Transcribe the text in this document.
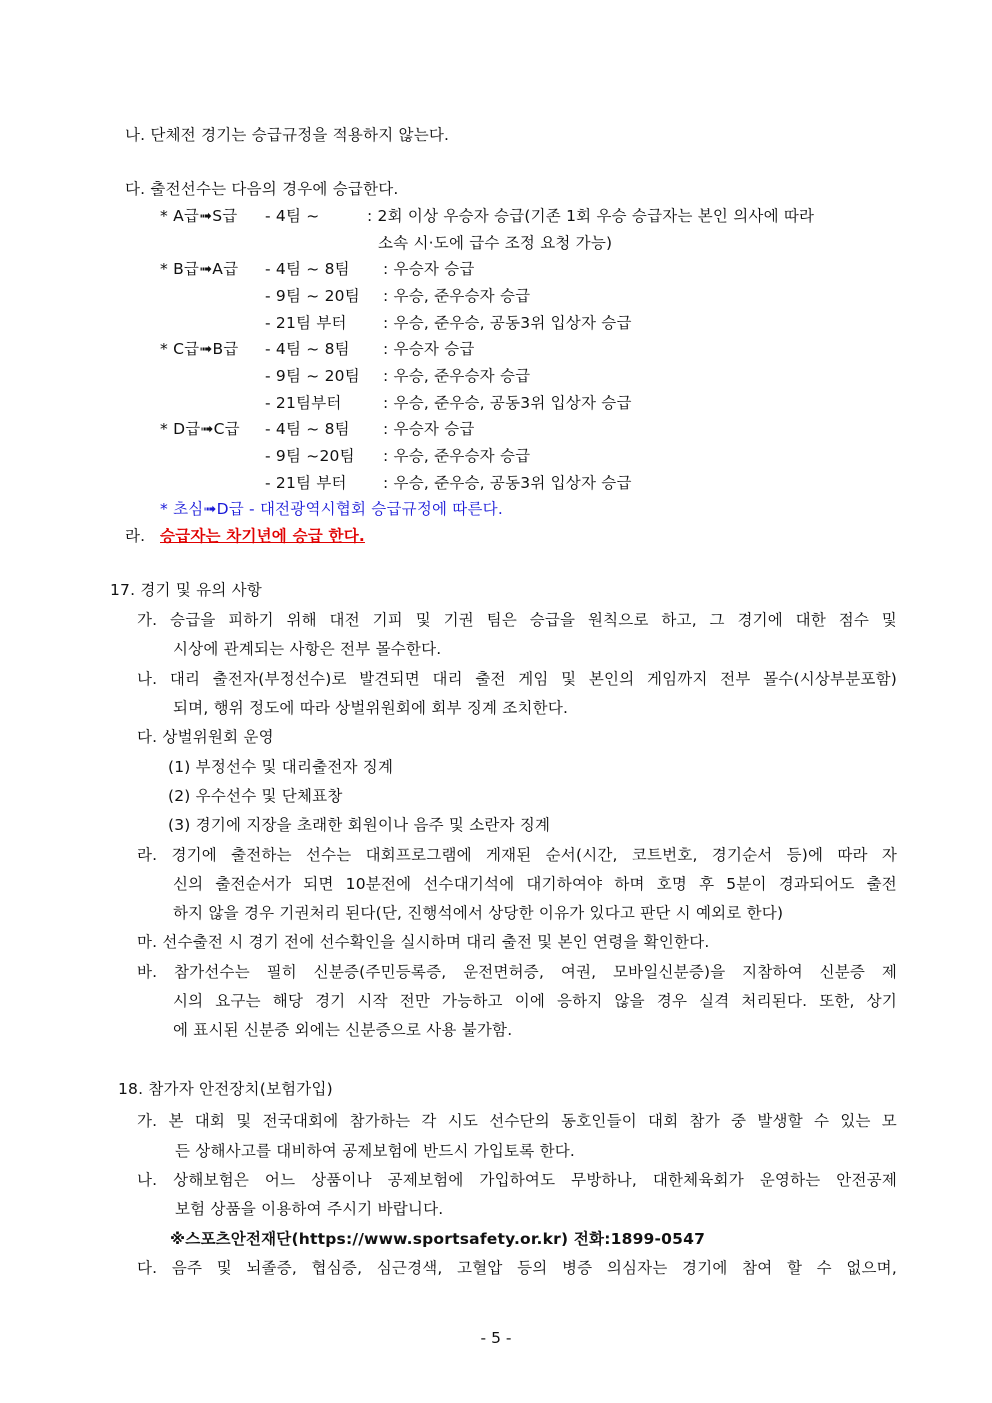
나. 단체전 경기는 승급규정을 적용하지 않는다.
다. 출전선수는 다음의 경우에 승급한다.
* A급➟S급 - 4팀 ~	: 2회 이상 우승자 승급(기존 1회 우승 승급자는 본인 의사에 따라
소속 시·도에 급수 조정 요청 가능)
* B급➟A급 - 4팀 ~ 8팀 : 우승자 승급
- 9팀 ~ 20팀 : 우승, 준우승자 승급
- 21팀 부터 : 우승, 준우승, 공동3위 입상자 승급
* C급➟B급 - 4팀 ~ 8팀 : 우승자 승급
- 9팀 ~ 20팀 : 우승, 준우승자 승급
- 21팀부터	: 우승, 준우승, 공동3위 입상자 승급
* D급➟C급 - 4팀 ~ 8팀 : 우승자 승급
- 9팀 ~20팀 : 우승, 준우승자 승급
- 21팀 부터 : 우승, 준우승, 공동3위 입상자 승급
* 초심➟D급 - 대전광역시협회 승급규정에 따른다.
라. 승급자는 차기년에 승급 한다.
17. 경기 및 유의 사항
가. 승급을 피하기 위해 대전 기피 및 기권 팀은 승급을 원칙으로 하고, 그 경기에 대한 점수 및
시상에 관계되는 사항은 전부 몰수한다.
나. 대리 출전자(부정선수)로 발견되면 대리 출전 게임 및 본인의 게임까지 전부 몰수(시상부분포함)
되며, 행위 정도에 따라 상벌위원회에 회부 징계 조치한다.
다. 상벌위원회 운영
(1) 부정선수 및 대리출전자 징계
(2) 우수선수 및 단체표창
(3) 경기에 지장을 초래한 회원이나 음주 및 소란자 징계
라. 경기에 출전하는 선수는 대회프로그램에 게재된 순서(시간, 코트번호, 경기순서 등)에 따라 자
신의 출전순서가 되면 10분전에 선수대기석에 대기하여야 하며 호명 후 5분이 경과되어도 출전
하지 않을 경우 기권처리 된다(단, 진행석에서 상당한 이유가 있다고 판단 시 예외로 한다)
마. 선수출전 시 경기 전에 선수확인을 실시하며 대리 출전 및 본인 연령을 확인한다.
바. 참가선수는 필히 신분증(주민등록증, 운전면허증, 여권, 모바일신분증)을 지참하여 신분증 제
시의 요구는 해당 경기 시작 전만 가능하고 이에 응하지 않을 경우 실격 처리된다. 또한, 상기
에 표시된 신분증 외에는 신분증으로 사용 불가함.
18. 참가자 안전장치(보험가입)
가. 본 대회 및 전국대회에 참가하는 각 시도 선수단의 동호인들이 대회 참가 중 발생할 수 있는 모
든 상해사고를 대비하여 공제보험에 반드시 가입토록 한다.
나. 상해보험은 어느 상품이나 공제보험에 가입하여도 무방하나, 대한체육회가 운영하는 안전공제
보험 상품을 이용하여 주시기 바랍니다.
※스포츠안전재단(https://www.sportsafety.or.kr) 전화:1899-0547
다. 음주 및 뇌졸증, 협심증, 심근경색, 고혈압 등의 병증 의심자는 경기에 참여 할 수 없으며,
- 5 -
